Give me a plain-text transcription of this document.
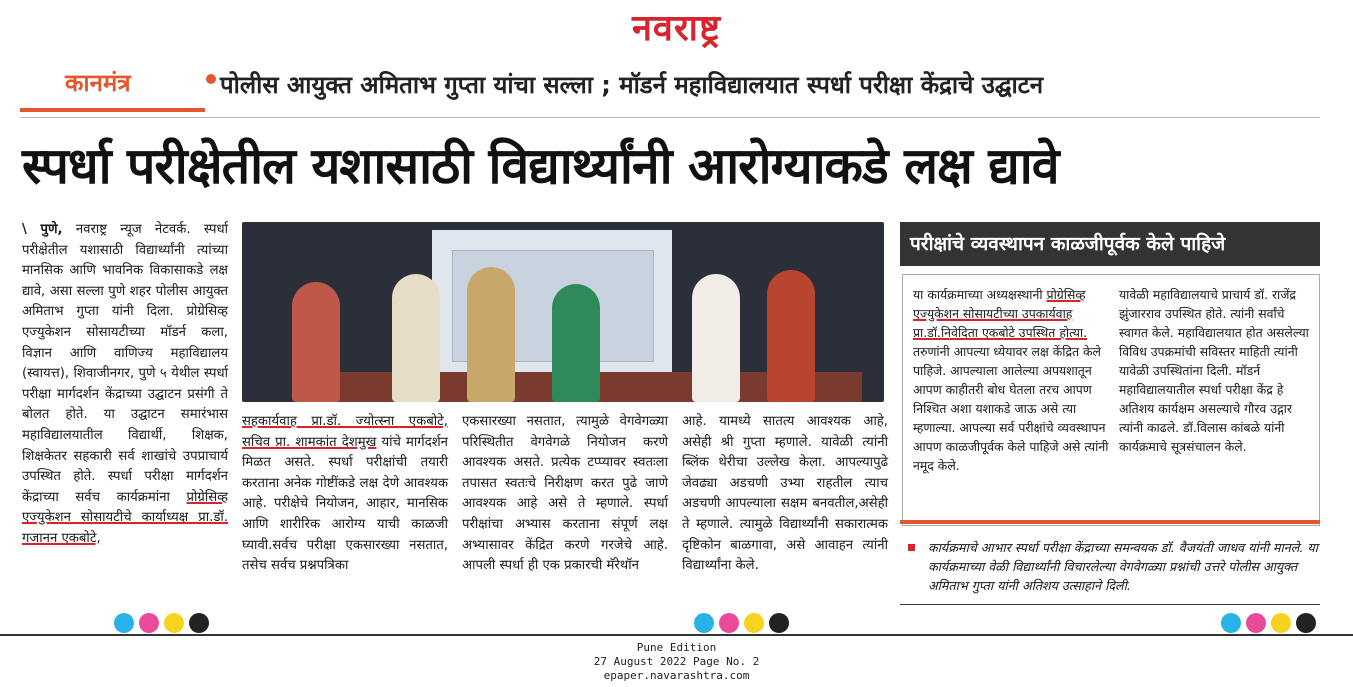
नवराष्ट्र
कानमंत्र	पोलीस आयुक्त अमिताभ गुप्ता यांचा सल्ला ; मॉडर्न महाविद्यालयात स्पर्धा परीक्षा केंद्राचे उद्घाटन
स्पर्धा परीक्षेतील यशासाठी विद्यार्थ्यांनी आरोग्याकडे लक्ष द्यावे
\ पुणे, नवराष्ट्र न्यूज नेटवर्क. स्पर्धा परीक्षेतील यशासाठी विद्यार्थ्यांनी त्यांच्या मानसिक आणि भावनिक विकासाकडे लक्ष द्यावे, असा सल्ला पुणे शहर पोलीस आयुक्त अमिताभ गुप्ता यांनी दिला. प्रोग्रेसिव्ह एज्युकेशन सोसायटीच्या मॉडर्न कला, विज्ञान आणि वाणिज्य महाविद्यालय (स्वायत्त), शिवाजीनगर, पुणे ५ येथील स्पर्धा परीक्षा मार्गदर्शन केंद्राच्या उद्घाटन प्रसंगी ते बोलत होते. या उद्घाटन समारंभास महाविद्यालयातील विद्यार्थी, शिक्षक, शिक्षकेतर सहकारी सर्व शाखांचे उपप्राचार्य उपस्थित होते. स्पर्धा परीक्षा मार्गदर्शन केंद्राच्या सर्वच कार्यक्रमांना प्रोग्रेसिव्ह एज्युकेशन सोसायटीचे कार्याध्यक्ष प्रा.डॉ. गजानन एकबोटे,
सहकार्यवाह प्रा.डॉ. ज्योत्स्ना एकबोटे, सचिव प्रा. शामकांत देशमुख यांचे मार्गदर्शन मिळत असते. स्पर्धा परीक्षांची तयारी करताना अनेक गोष्टींकडे लक्ष देणे आवश्यक आहे. परीक्षेचे नियोजन, आहार, मानसिक आणि शारीरिक आरोग्य याची काळजी घ्यावी.सर्वच परीक्षा एकसारख्या नसतात, तसेच सर्वच प्रश्नपत्रिका
एकसारख्या नसतात, त्यामुळे वेगवेगळ्या परिस्थितीत वेगवेगळे नियोजन करणे आवश्यक असते. प्रत्येक टप्प्यावर स्वतःला तपासत स्वतःचे निरीक्षण करत पुढे जाणे आवश्यक आहे असे ते म्हणाले. स्पर्धा परीक्षांचा अभ्यास करताना संपूर्ण लक्ष अभ्यासावर केंद्रित करणे गरजेचे आहे. आपली स्पर्धा ही एक प्रकारची मॅरेथॉन
आहे. यामध्ये सातत्य आवश्यक आहे, असेही श्री गुप्ता म्हणाले. यावेळी त्यांनी ब्लिंक थेरीचा उल्लेख केला. आपल्यापुढे जेवढ्या अडचणी उभ्या राहतील त्याच अडचणी आपल्याला सक्षम बनवतील,असेही ते म्हणाले. त्यामुळे विद्यार्थ्यांनी सकारात्मक दृष्टिकोन बाळगावा, असे आवाहन त्यांनी विद्यार्थ्यांना केले.
परीक्षांचे व्यवस्थापन काळजीपूर्वक केले पाहिजे
या कार्यक्रमाच्या अध्यक्षस्थानी प्रोग्रेसिव्ह एज्युकेशन सोसायटीच्या उपकार्यवाह प्रा.डॉ.निवेदिता एकबोटे उपस्थित होत्या. तरुणांनी आपल्या ध्येयावर लक्ष केंद्रित केले पाहिजे. आपल्याला आलेल्या अपयशातून आपण काहीतरी बोध घेतला तरच आपण निश्चित अशा यशाकडे जाऊ असे त्या म्हणाल्या. आपल्या सर्व परीक्षांचे व्यवस्थापन आपण काळजीपूर्वक केले पाहिजे असे त्यांनी नमूद केले.
यावेळी महाविद्यालयाचे प्राचार्य डॉ. राजेंद्र झुंजारराव उपस्थित होते. त्यांनी सर्वांचे स्वागत केले. महाविद्यालयात होत असलेल्या विविध उपक्रमांची सविस्तर माहिती त्यांनी यावेळी उपस्थितांना दिली. मॉडर्न महाविद्यालयातील स्पर्धा परीक्षा केंद्र हे अतिशय कार्यक्षम असल्याचे गौरव उद्गार त्यांनी काढले. डॉ.विलास कांबळे यांनी कार्यक्रमाचे सूत्रसंचालन केले.
कार्यक्रमाचे आभार स्पर्धा परीक्षा केंद्राच्या समन्वयक डॉ. वैजयंती जाधव यांनी मानले. या कार्यक्रमाच्या वेळी विद्यार्थ्यांनी विचारलेल्या वेगवेगळ्या प्रश्नांची उत्तरे पोलीस आयुक्त अमिताभ गुप्ता यांनी अतिशय उत्साहाने दिली.
Pune Edition
27 August 2022 Page No. 2
epaper.navarashtra.com
